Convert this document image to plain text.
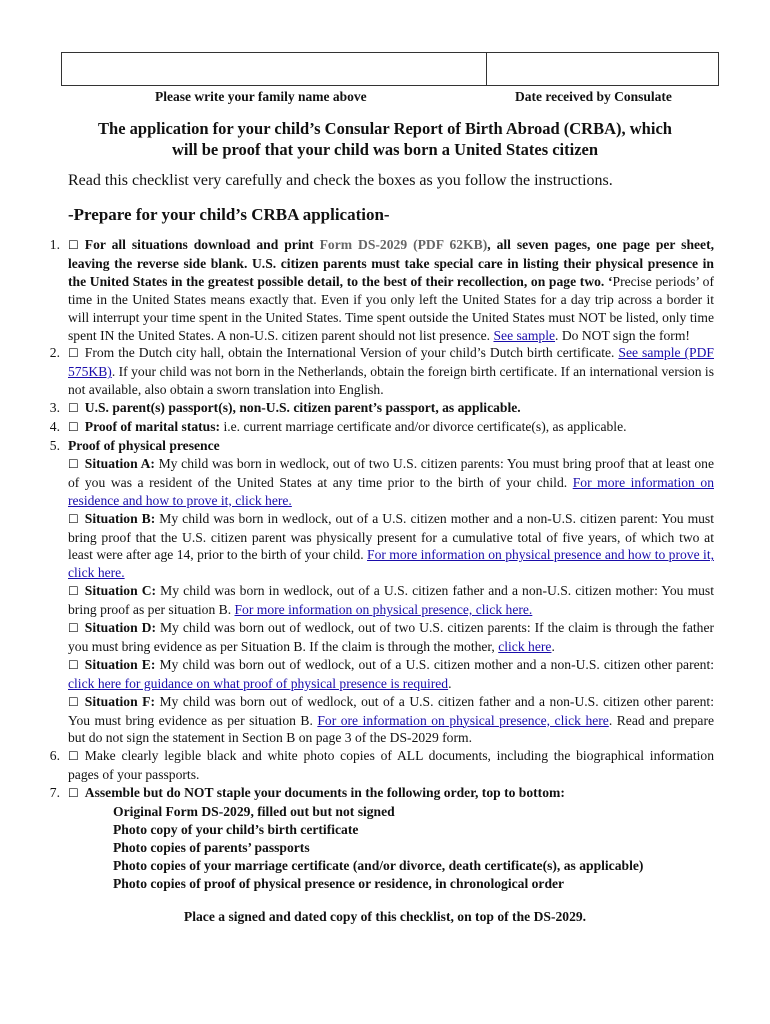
Please write your family name above	Date received by Consulate
The application for your child’s Consular Report of Birth Abroad (CRBA), which
will be proof that your child was born a United States citizen
Read this checklist very carefully and check the boxes as you follow the instructions.
-Prepare for your child’s CRBA application-
1. ☐ For all situations download and print Form DS-2029 (PDF 62KB), all seven pages, one page per sheet, leaving the reverse side blank. U.S. citizen parents must take special care in listing their physical presence in the United States in the greatest possible detail, to the best of their recollection, on page two. ‘Precise periods’ of time in the United States means exactly that. Even if you only left the United States for a day trip across a border it will interrupt your time spent in the United States. Time spent outside the United States must NOT be listed, only time spent IN the United States. A non-U.S. citizen parent should not list presence. See sample. Do NOT sign the form!
2. ☐ From the Dutch city hall, obtain the International Version of your child’s Dutch birth certificate. See sample (PDF 575KB). If your child was not born in the Netherlands, obtain the foreign birth certificate. If an international version is not available, also obtain a sworn translation into English.
3. ☐ U.S. parent(s) passport(s), non-U.S. citizen parent’s passport, as applicable.
4. ☐ Proof of marital status: i.e. current marriage certificate and/or divorce certificate(s), as applicable.
5. Proof of physical presence
☐ Situation A: My child was born in wedlock, out of two U.S. citizen parents: You must bring proof that at least one of you was a resident of the United States at any time prior to the birth of your child. For more information on residence and how to prove it, click here.
☐ Situation B: My child was born in wedlock, out of a U.S. citizen mother and a non-U.S. citizen parent: You must bring proof that the U.S. citizen parent was physically present for a cumulative total of five years, of which two at least were after age 14, prior to the birth of your child. For more information on physical presence and how to prove it, click here.
☐ Situation C: My child was born in wedlock, out of a U.S. citizen father and a non-U.S. citizen mother: You must bring proof as per situation B. For more information on physical presence, click here.
☐ Situation D: My child was born out of wedlock, out of two U.S. citizen parents: If the claim is through the father you must bring evidence as per Situation B. If the claim is through the mother, click here.
☐ Situation E: My child was born out of wedlock, out of a U.S. citizen mother and a non-U.S. citizen other parent: click here for guidance on what proof of physical presence is required.
☐ Situation F: My child was born out of wedlock, out of a U.S. citizen father and a non-U.S. citizen other parent: You must bring evidence as per situation B. For ore information on physical presence, click here. Read and prepare but do not sign the statement in Section B on page 3 of the DS-2029 form.
6. ☐ Make clearly legible black and white photo copies of ALL documents, including the biographical information pages of your passports.
7. ☐ Assemble but do NOT staple your documents in the following order, top to bottom:
Original Form DS-2029, filled out but not signed
Photo copy of your child’s birth certificate
Photo copies of parents’ passports
Photo copies of your marriage certificate (and/or divorce, death certificate(s), as applicable)
Photo copies of proof of physical presence or residence, in chronological order
Place a signed and dated copy of this checklist, on top of the DS-2029.
